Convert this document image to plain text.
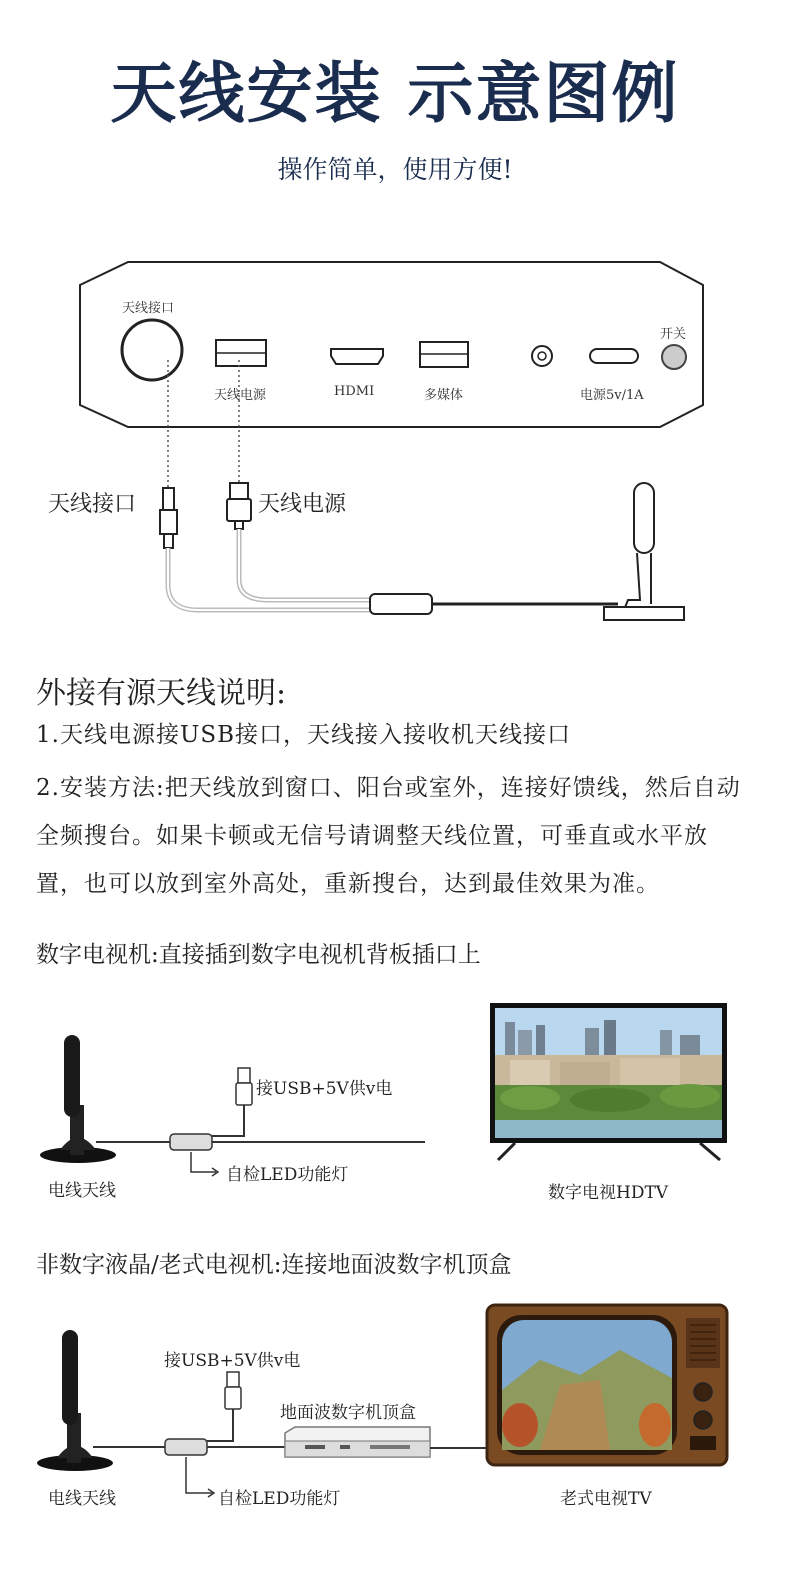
天线安装 示意图例
操作简单，使用方便!
天线接口
天线电源	HDMI	多媒体	电源5v/1A
开关
天线接口	天线电源
外接有源天线说明:
1.天线电源接USB接口，天线接入接收机天线接口
2.安装方法:把天线放到窗口、阳台或室外，连接好馈线，然后自动全频搜台。如果卡顿或无信号请调整天线位置，可垂直或水平放置，也可以放到室外高处，重新搜台，达到最佳效果为准。
数字电视机:直接插到数字电视机背板插口上
接USB+5V供v电
自检LED功能灯
电线天线	数字电视HDTV
非数字液晶/老式电视机:连接地面波数字机顶盒
接USB+5V供v电
地面波数字机顶盒
自检LED功能灯
电线天线	老式电视TV
